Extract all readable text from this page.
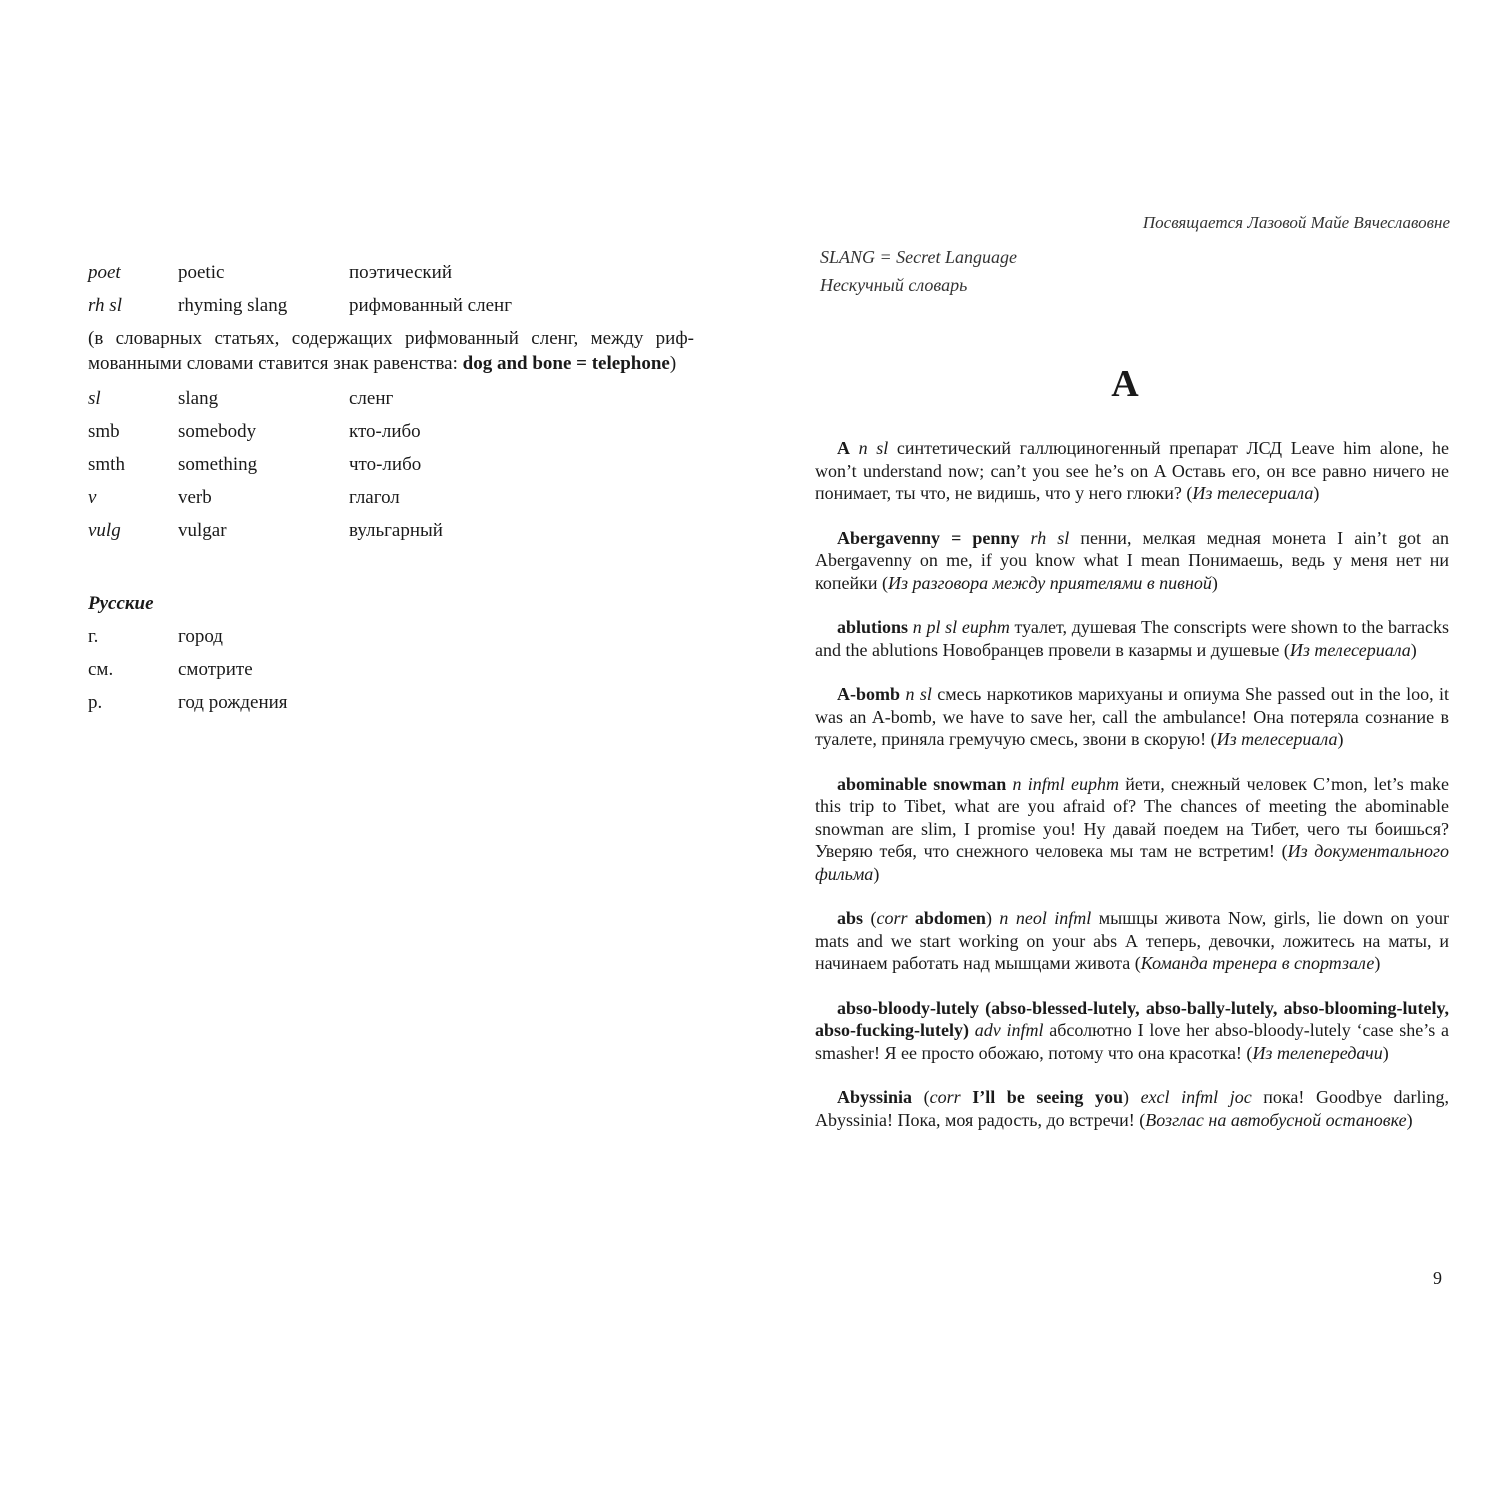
poet	poetic	поэтический
rh sl	rhyming slang	рифмованный сленг
(в словарных статьях, содержащих рифмованный сленг, между рифмованными словами ставится знак равенства: dog and bone = telephone)
sl	slang	сленг
smb	somebody	кто-либо
smth	something	что-либо
v	verb	глагол
vulg	vulgar	вульгарный
Русские
г.	город
см.	смотрите
р.	год рождения
Посвящается Лазовой Майе Вячеславовне
SLANG = Secret Language
Нескучный словарь
A

A n sl синтетический галлюциногенный препарат ЛСД Leave him alone, he won’t understand now; can’t you see he’s on A Оставь его, он все равно ничего не понимает, ты что, не видишь, что у него глюки? (Из телесериала)

Abergavenny = penny rh sl пенни, мелкая медная монета I ain’t got an Abergavenny on me, if you know what I mean Понимаешь, ведь у меня нет ни копейки (Из разговора между приятелями в пивной)

ablutions n pl sl euphm туалет, душевая The conscripts were shown to the barracks and the ablutions Новобранцев провели в казармы и душевые (Из телесериала)

A-bomb n sl смесь наркотиков марихуаны и опиума She passed out in the loo, it was an A-bomb, we have to save her, call the ambulance! Она потеряла сознание в туалете, приняла гремучую смесь, звони в скорую! (Из телесериала)

abominable snowman n infml euphm йети, снежный человек C’mon, let’s make this trip to Tibet, what are you afraid of? The chances of meeting the abominable snowman are slim, I promise you! Ну давай поедем на Тибет, чего ты боишься? Уверяю тебя, что снежного человека мы там не встретим! (Из документального фильма)

abs (corr abdomen) n neol infml мышцы живота Now, girls, lie down on your mats and we start working on your abs А теперь, девочки, ложитесь на маты, и начинаем работать над мышцами живота (Команда тренера в спортзале)

abso-bloody-lutely (abso-blessed-lutely, abso-bally-lutely, abso-blooming-lutely, abso-fucking-lutely) adv infml абсолютно I love her abso-bloody-lutely ‘case she’s a smasher! Я ее просто обожаю, потому что она красотка! (Из телепередачи)

Abyssinia (corr I’ll be seeing you) excl infml joc пока! Goodbye darling, Abyssinia! Пока, моя радость, до встречи! (Возглас на автобусной остановке)

9
